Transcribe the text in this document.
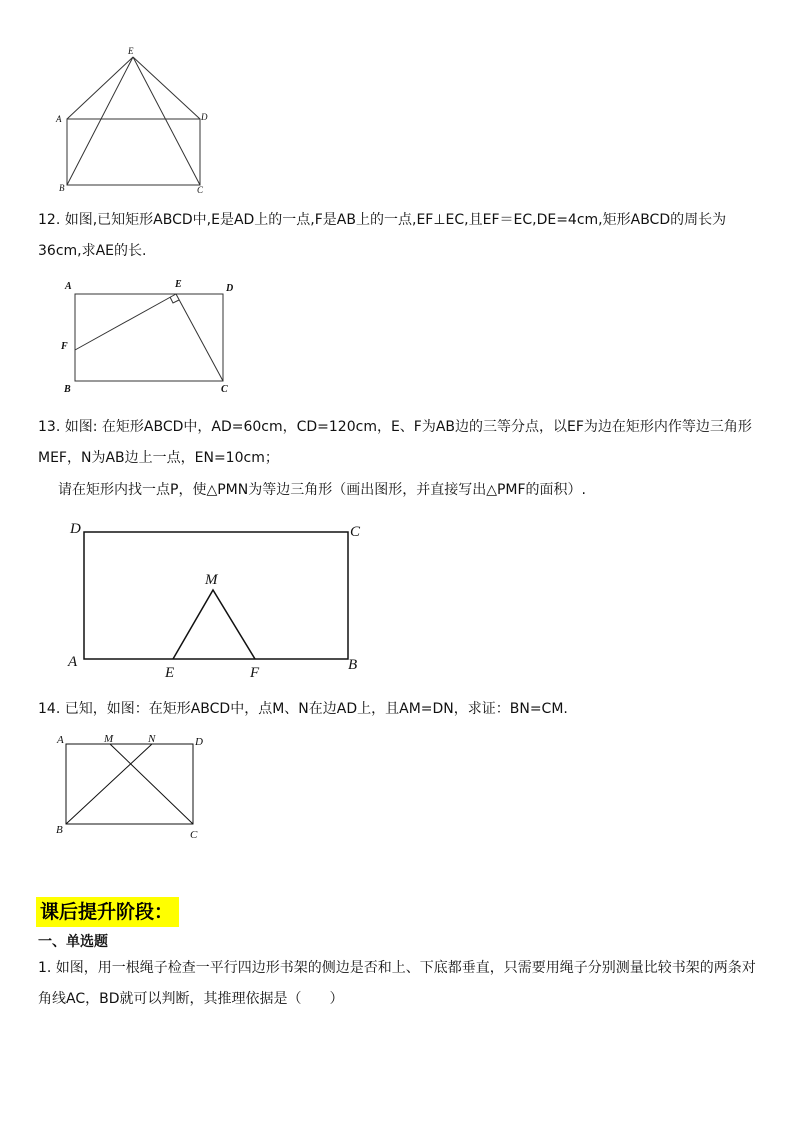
E
A	D
B	C
12. 如图,已知矩形ABCD中,E是AD上的一点,F是AB上的一点,EF⊥EC,且EF＝EC,DE=4cm,矩形ABCD的周长为36cm,求AE的长.
A	E	D
F
B	C
13. 如图: 在矩形ABCD中，AD=60cm，CD=120cm，E、F为AB边的三等分点，以EF为边在矩形内作等边三角形MEF，N为AB边上一点，EN=10cm；
请在矩形内找一点P，使△PMN为等边三角形（画出图形，并直接写出△PMF的面积）.
D	C
M
A
E	F	B
14. 已知，如图：在矩形ABCD中，点M、N在边AD上，且AM=DN，求证：BN=CM.
A	M	N	D
B	C
课后提升阶段：
一、单选题
1. 如图，用一根绳子检查一平行四边形书架的侧边是否和上、下底都垂直，只需要用绳子分别测量比较书架的两条对角线AC，BD就可以判断，其推理依据是（　　）
